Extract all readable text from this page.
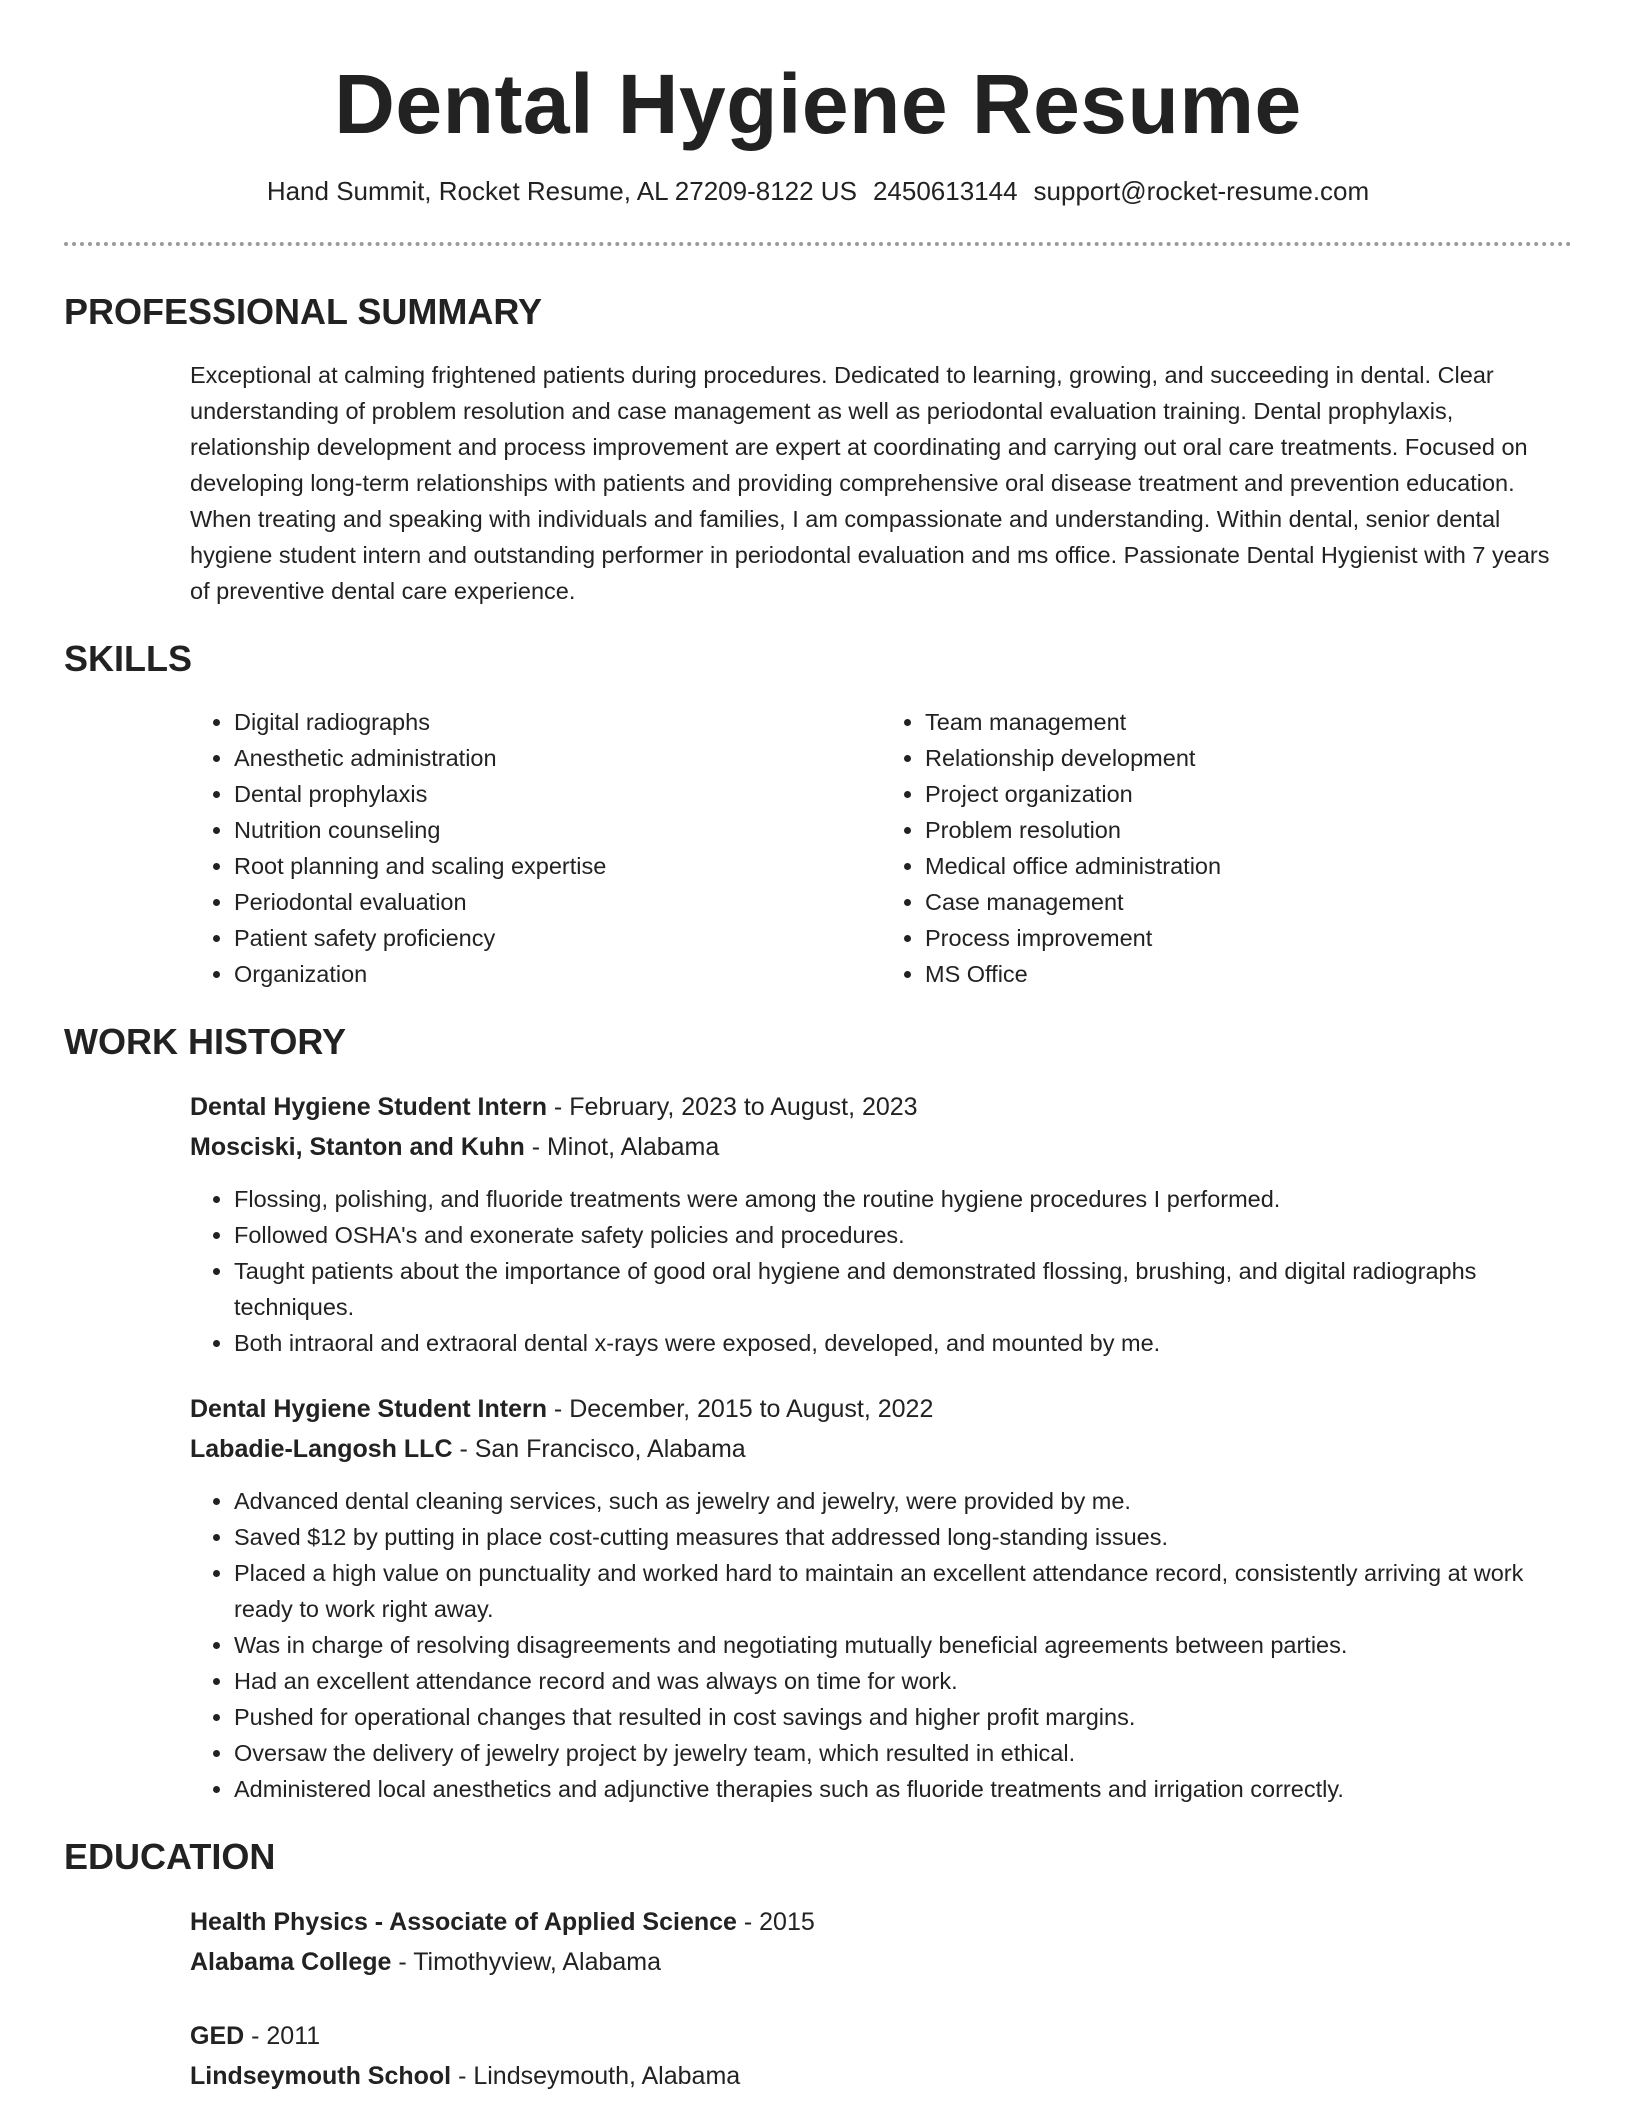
Dental Hygiene Resume
Hand Summit, Rocket Resume, AL 27209-8122 US 2450613144 support@rocket-resume.com
PROFESSIONAL SUMMARY
Exceptional at calming frightened patients during procedures. Dedicated to learning, growing, and succeeding in dental. Clear understanding of problem resolution and case management as well as periodontal evaluation training. Dental prophylaxis, relationship development and process improvement are expert at coordinating and carrying out oral care treatments. Focused on developing long-term relationships with patients and providing comprehensive oral disease treatment and prevention education. When treating and speaking with individuals and families, I am compassionate and understanding. Within dental, senior dental hygiene student intern and outstanding performer in periodontal evaluation and ms office. Passionate Dental Hygienist with 7 years of preventive dental care experience.
SKILLS
• Digital radiographs
• Anesthetic administration
• Dental prophylaxis
• Nutrition counseling
• Root planning and scaling expertise
• Periodontal evaluation
• Patient safety proficiency
• Organization
• Team management
• Relationship development
• Project organization
• Problem resolution
• Medical office administration
• Case management
• Process improvement
• MS Office
WORK HISTORY
Dental Hygiene Student Intern - February, 2023 to August, 2023
Mosciski, Stanton and Kuhn - Minot, Alabama
• Flossing, polishing, and fluoride treatments were among the routine hygiene procedures I performed.
• Followed OSHA's and exonerate safety policies and procedures.
• Taught patients about the importance of good oral hygiene and demonstrated flossing, brushing, and digital radiographs techniques.
• Both intraoral and extraoral dental x-rays were exposed, developed, and mounted by me.
Dental Hygiene Student Intern - December, 2015 to August, 2022
Labadie-Langosh LLC - San Francisco, Alabama
• Advanced dental cleaning services, such as jewelry and jewelry, were provided by me.
• Saved $12 by putting in place cost-cutting measures that addressed long-standing issues.
• Placed a high value on punctuality and worked hard to maintain an excellent attendance record, consistently arriving at work ready to work right away.
• Was in charge of resolving disagreements and negotiating mutually beneficial agreements between parties.
• Had an excellent attendance record and was always on time for work.
• Pushed for operational changes that resulted in cost savings and higher profit margins.
• Oversaw the delivery of jewelry project by jewelry team, which resulted in ethical.
• Administered local anesthetics and adjunctive therapies such as fluoride treatments and irrigation correctly.
EDUCATION
Health Physics - Associate of Applied Science - 2015
Alabama College - Timothyview, Alabama
GED - 2011
Lindseymouth School - Lindseymouth, Alabama
